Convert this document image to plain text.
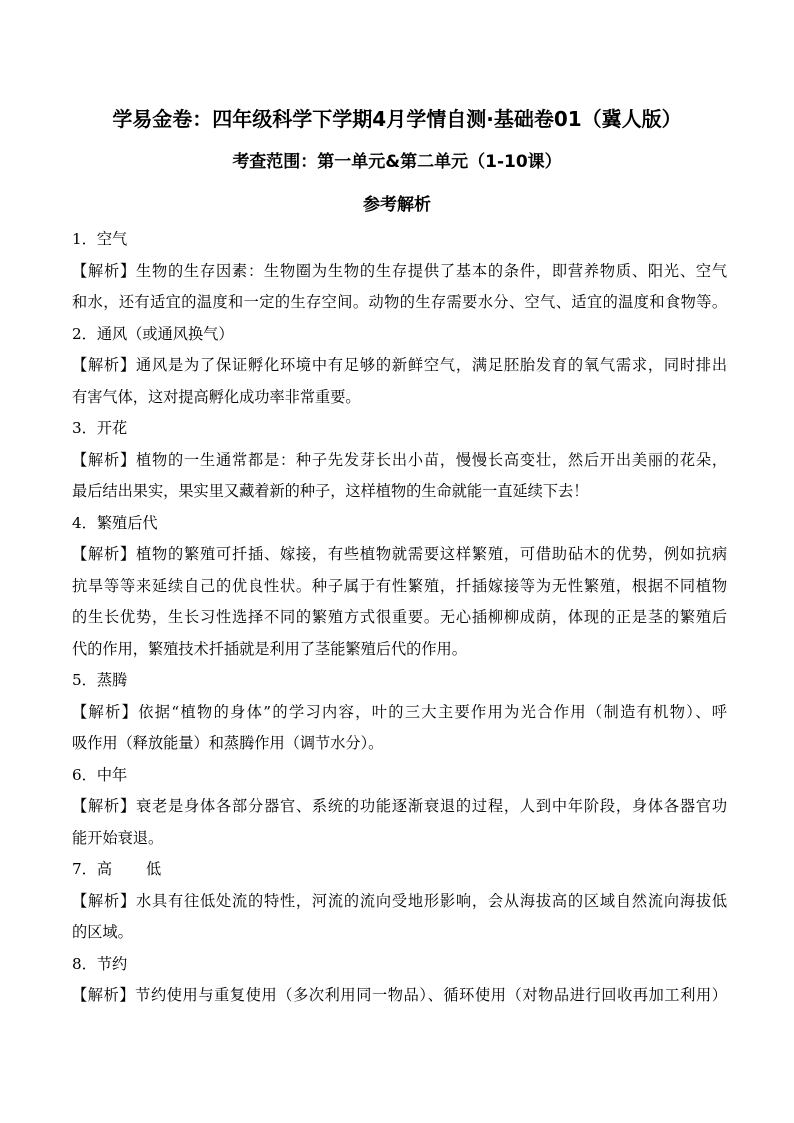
学易金卷：四年级科学下学期4月学情自测·基础卷01（冀人版）
考查范围：第一单元&第二单元（1-10课）
参考解析
1．空气
【解析】生物的生存因素：生物圈为生物的生存提供了基本的条件，即营养物质、阳光、空气
和水，还有适宜的温度和一定的生存空间。动物的生存需要水分、空气、适宜的温度和食物等。
2．通风（或通风换气）
【解析】通风是为了保证孵化环境中有足够的新鲜空气，满足胚胎发育的氧气需求，同时排出
有害气体，这对提高孵化成功率非常重要。
3．开花
【解析】植物的一生通常都是：种子先发芽长出小苗，慢慢长高变壮，然后开出美丽的花朵，
最后结出果实，果实里又藏着新的种子，这样植物的生命就能一直延续下去！
4．繁殖后代
【解析】植物的繁殖可扦插、嫁接，有些植物就需要这样繁殖，可借助砧木的优势，例如抗病
抗旱等等来延续自己的优良性状。种子属于有性繁殖，扦插嫁接等为无性繁殖，根据不同植物
的生长优势，生长习性选择不同的繁殖方式很重要。无心插柳柳成荫，体现的正是茎的繁殖后
代的作用，繁殖技术扦插就是利用了茎能繁殖后代的作用。
5．蒸腾
【解析】依据“植物的身体”的学习内容，叶的三大主要作用为光合作用（制造有机物）、呼
吸作用（释放能量）和蒸腾作用（调节水分）。
6．中年
【解析】衰老是身体各部分器官、系统的功能逐渐衰退的过程，人到中年阶段，身体各器官功
能开始衰退。
7．高 低
【解析】水具有往低处流的特性，河流的流向受地形影响，会从海拔高的区域自然流向海拔低
的区域。
8．节约
【解析】节约使用与重复使用（多次利用同一物品）、循环使用（对物品进行回收再加工利用）
